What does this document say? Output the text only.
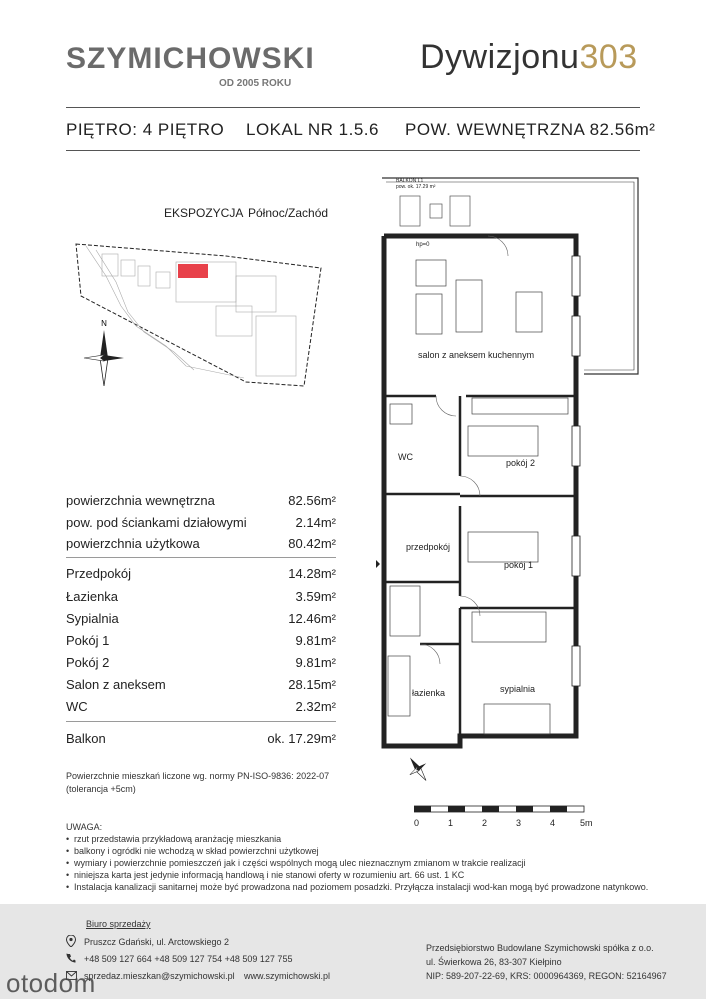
SZYMICHOWSKI
OD 2005 ROKU
Dywizjonu303
PIĘTRO: 4 PIĘTRO LOKAL NR 1.5.6 POW. WEWNĘTRZNA 82.56m²
EKSPOZYCJA Północ/Zachód
N
powierzchnia wewnętrzna	82.56m²
pow. pod ściankami działowymi	2.14m²
powierzchnia użytkowa	80.42m²
Przedpokój	14.28m²
Łazienka	3.59m²
Sypialnia	12.46m²
Pokój 1	9.81m²
Pokój 2	9.81m²
Salon z aneksem	28.15m²
WC	2.32m²
Balkon	ok. 17.29m²
Powierzchnie mieszkań liczone wg. normy PN-ISO-9836: 2022-07
(tolerancja +5cm)
UWAGA:
• rzut przedstawia przykładową aranżację mieszkania
• balkony i ogródki nie wchodzą w skład powierzchni użytkowej
• wymiary i powierzchnie pomieszczeń jak i części wspólnych mogą ulec nieznacznym zmianom w trakcie realizacji
• niniejsza karta jest jedynie informacją handlową i nie stanowi oferty w rozumieniu art. 66 ust. 1 KC
• Instalacja kanalizacji sanitarnej może być prowadzona nad poziomem posadzki. Przyłącza instalacji wod-kan mogą być prowadzone natynkowo.
BALKON L1
pow. ok. 17.29 m²
hp=0
salon z aneksem kuchennym
WC
pokój 2
przedpokój
pokój 1
łazienka	sypialnia
0	1	2	3	4	5m
Biuro sprzedaży
Pruszcz Gdański, ul. Arctowskiego 2
+48 509 127 664 +48 509 127 754 +48 509 127 755
sprzedaz.mieszkan@szymichowski.pl www.szymichowski.pl
Przedsiębiorstwo Budowlane Szymichowski spółka z o.o.
ul. Świerkowa 26, 83-307 Kiełpino
NIP: 589-207-22-69, KRS: 0000964369, REGON: 52164967
otodom
